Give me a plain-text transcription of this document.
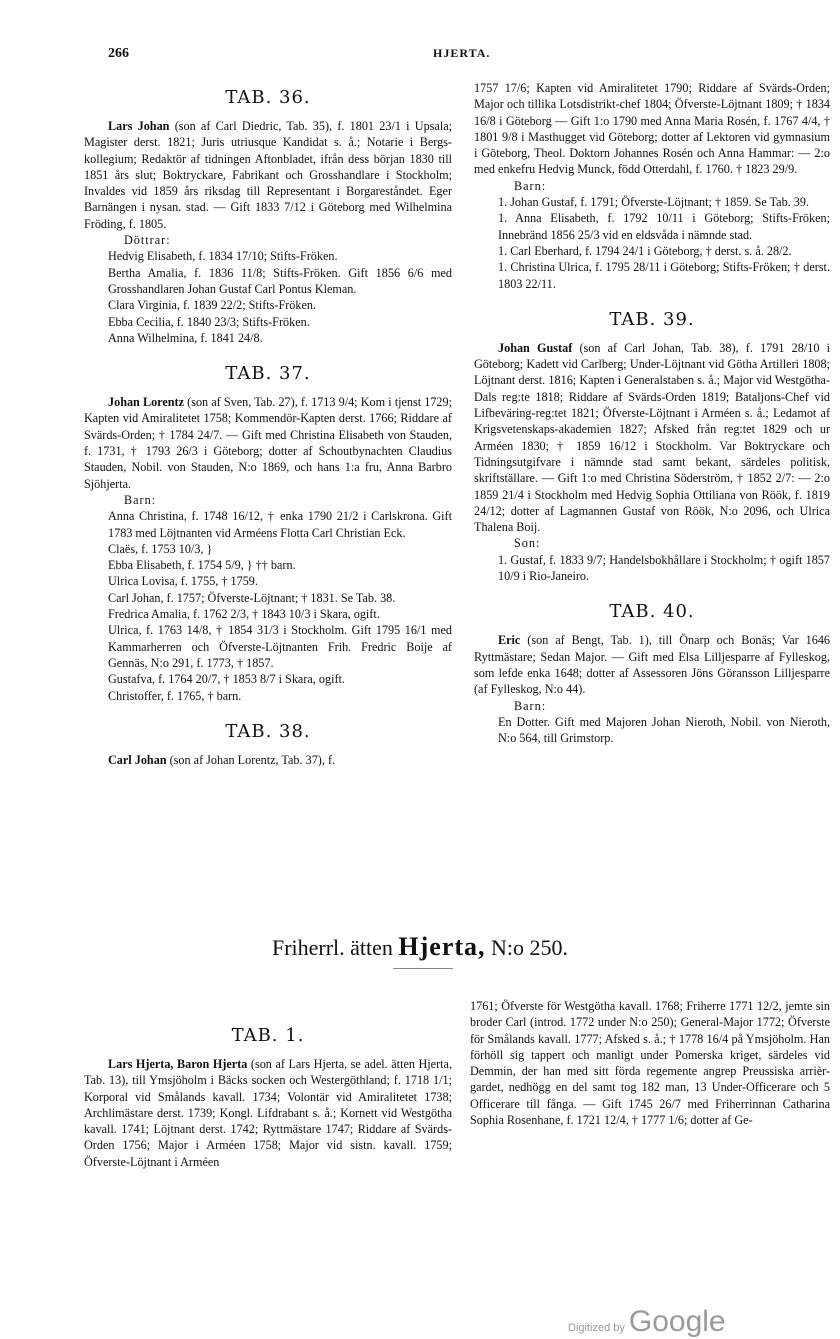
266	HJERTA.
TAB. 36.

Lars Johan (son af Carl Diedric, Tab. 35), f. 1801 23/1 i Upsala; Magister derst. 1821; Juris utriusque Kandidat s. å.; Notarie i Bergs-kollegium; Redaktör af tidningen Aftonbladet, ifrån dess början 1830 till 1851 års slut; Boktryckare, Fabrikant och Grosshandlare i Stockholm; Invaldes vid 1859 års riksdag till Representant i Borgareståndet. Eger Barnängen i nysan. stad. — Gift 1833 7/12 i Göteborg med Wilhelmina Fröding, f. 1805.

Döttrar:

Hedvig Elisabeth, f. 1834 17/10; Stifts-Fröken.

Bertha Amalia, f. 1836 11/8; Stifts-Fröken. Gift 1856 6/6 med Grosshandlaren Johan Gustaf Carl Pontus Kleman.

Clara Virginia, f. 1839 22/2; Stifts-Fröken.

Ebba Cecilia, f. 1840 23/3; Stifts-Fröken.

Anna Wilhelmina, f. 1841 24/8.

TAB. 37.

Johan Lorentz (son af Sven, Tab. 27), f. 1713 9/4; Kom i tjenst 1729; Kapten vid Amiralitetet 1758; Kommendör-Kapten derst. 1766; Riddare af Svärds-Orden; † 1784 24/7. — Gift med Christina Elisabeth von Stauden, f. 1731, † 1793 26/3 i Göteborg; dotter af Schoutbynachten Claudius Stauden, Nobil. von Stauden, N:o 1869, och hans 1:a fru, Anna Barbro Sjöhjerta.

Barn:

Anna Christina, f. 1748 16/12, † enka 1790 21/2 i Carlskrona. Gift 1783 med Löjtnanten vid Arméens Flotta Carl Christian Eck.

Claës, f. 1753 10/3, }

Ebba Elisabeth, f. 1754 5/9, } †† barn.

Ulrica Lovisa, f. 1755, † 1759.

Carl Johan, f. 1757; Öfverste-Löjtnant; † 1831. Se Tab. 38.

Fredrica Amalia, f. 1762 2/3, † 1843 10/3 i Skara, ogift.

Ulrica, f. 1763 14/8, † 1854 31/3 i Stockholm. Gift 1795 16/1 med Kammarherren och Öfverste-Löjtnanten Frih. Fredric Boije af Gennäs, N:o 291, f. 1773, † 1857.

Gustafva, f. 1764 20/7, † 1853 8/7 i Skara, ogift.

Christoffer, f. 1765, † barn.

TAB. 38.

Carl Johan (son af Johan Lorentz, Tab. 37), f.

1757 17/6; Kapten vid Amiralitetet 1790; Riddare af Svärds-Orden; Major och tillika Lotsdistrikt-chef 1804; Öfverste-Löjtnant 1809; † 1834 16/8 i Göteborg — Gift 1:o 1790 med Anna Maria Rosén, f. 1767 4/4, † 1801 9/8 i Masthugget vid Göteborg; dotter af Lektoren vid gymnasium i Göteborg, Theol. Doktorn Johannes Rosén och Anna Hammar: — 2:o med enkefru Hedvig Munck, född Otterdahl, f. 1760. † 1823 29/9.

Barn:

1. Johan Gustaf, f. 1791; Öfverste-Löjtnant; † 1859. Se Tab. 39.

1. Anna Elisabeth, f. 1792 10/11 i Göteborg; Stifts-Fröken; Innebränd 1856 25/3 vid en eldsvåda i nämnde stad.

1. Carl Eberhard, f. 1794 24/1 i Göteborg, † derst. s. å. 28/2.

1. Christina Ulrica, f. 1795 28/11 i Göteborg; Stifts-Fröken; † derst. 1803 22/11.

TAB. 39.

Johan Gustaf (son af Carl Johan, Tab. 38), f. 1791 28/10 i Göteborg; Kadett vid Carlberg; Under-Löjtnant vid Götha Artilleri 1808; Löjtnant derst. 1816; Kapten i Generalstaben s. å.; Major vid Westgötha-Dals reg:te 1818; Riddare af Svärds-Orden 1819; Bataljons-Chef vid Lifbeväring-reg:tet 1821; Öfverste-Löjtnant i Arméen s. å.; Ledamot af Krigsvetenskaps-akademien 1827; Afsked från reg:tet 1829 och ur Arméen 1830; † 1859 16/12 i Stockholm. Var Boktryckare och Tidningsutgifvare i nämnde stad samt bekant, särdeles politisk, skriftställare. — Gift 1:o med Christina Söderström, † 1852 2/7: — 2:o 1859 21/4 i Stockholm med Hedvig Sophia Ottiliana von Röök, f. 1819 24/12; dotter af Lagmannen Gustaf von Röök, N:o 2096, och Ulrica Thalena Boij.

Son:

1. Gustaf, f. 1833 9/7; Handelsbokhållare i Stockholm; † ogift 1857 10/9 i Rio-Janeiro.

TAB. 40.

Eric (son af Bengt, Tab. 1), till Önarp och Bonäs; Var 1646 Ryttmästare; Sedan Major. — Gift med Elsa Lilljesparre af Fylleskog, som lefde enka 1648; dotter af Assessoren Jöns Göransson Lilljesparre (af Fylleskog, N:o 44).

Barn:

En Dotter. Gift med Majoren Johan Nieroth, Nobil. von Nieroth, N:o 564, till Grimstorp.

Friherrl. ätten Hjerta, N:o 250.
TAB. 1.

Lars Hjerta, Baron Hjerta (son af Lars Hjerta, se adel. ätten Hjerta, Tab. 13), till Ymsjöholm i Bäcks socken och Westergöthland; f. 1718 1/1; Korporal vid Smålands kavall. 1734; Volontär vid Amiralitetet 1738; Archlimästare derst. 1739; Kongl. Lifdrabant s. å.; Kornett vid Westgötha kavall. 1741; Löjtnant derst. 1742; Ryttmästare 1747; Riddare af Svärds-Orden 1756; Major i Arméen 1758; Major vid sistn. kavall. 1759; Öfverste-Löjtnant i Arméen

1761; Öfverste för Westgötha kavall. 1768; Friherre 1771 12/2, jemte sin broder Carl (introd. 1772 under N:o 250); General-Major 1772; Öfverste för Smålands kavall. 1777; Afsked s. å.; † 1778 16/4 på Ymsjöholm. Han förhöll sig tappert och manligt under Pomerska kriget, särdeles vid Demmin, der han med sitt förda regemente angrep Preussiska arrièr-gardet, nedhögg en del samt tog 182 man, 13 Under-Officerare och 5 Officerare till fånga. — Gift 1745 26/7 med Friherrinnan Catharina Sophia Rosenhane, f. 1721 12/4, † 1777 1/6; dotter af Ge-

Digitized by Google
